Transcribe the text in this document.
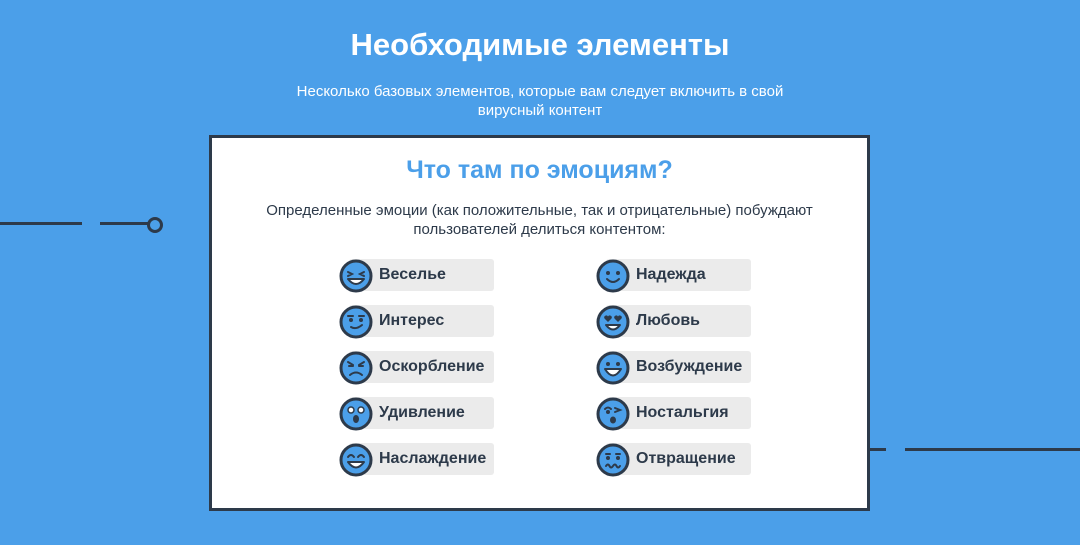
Необходимые элементы
Несколько базовых элементов, которые вам следует включить в свой вирусный контент
Что там по эмоциям?
Определенные эмоции (как положительные, так и отрицательные) побуждают пользователей делиться контентом:
Веселье
Интерес
Оскорбление
Удивление
Наслаждение
Надежда
Любовь
Возбуждение
Ностальгия
Отвращение
